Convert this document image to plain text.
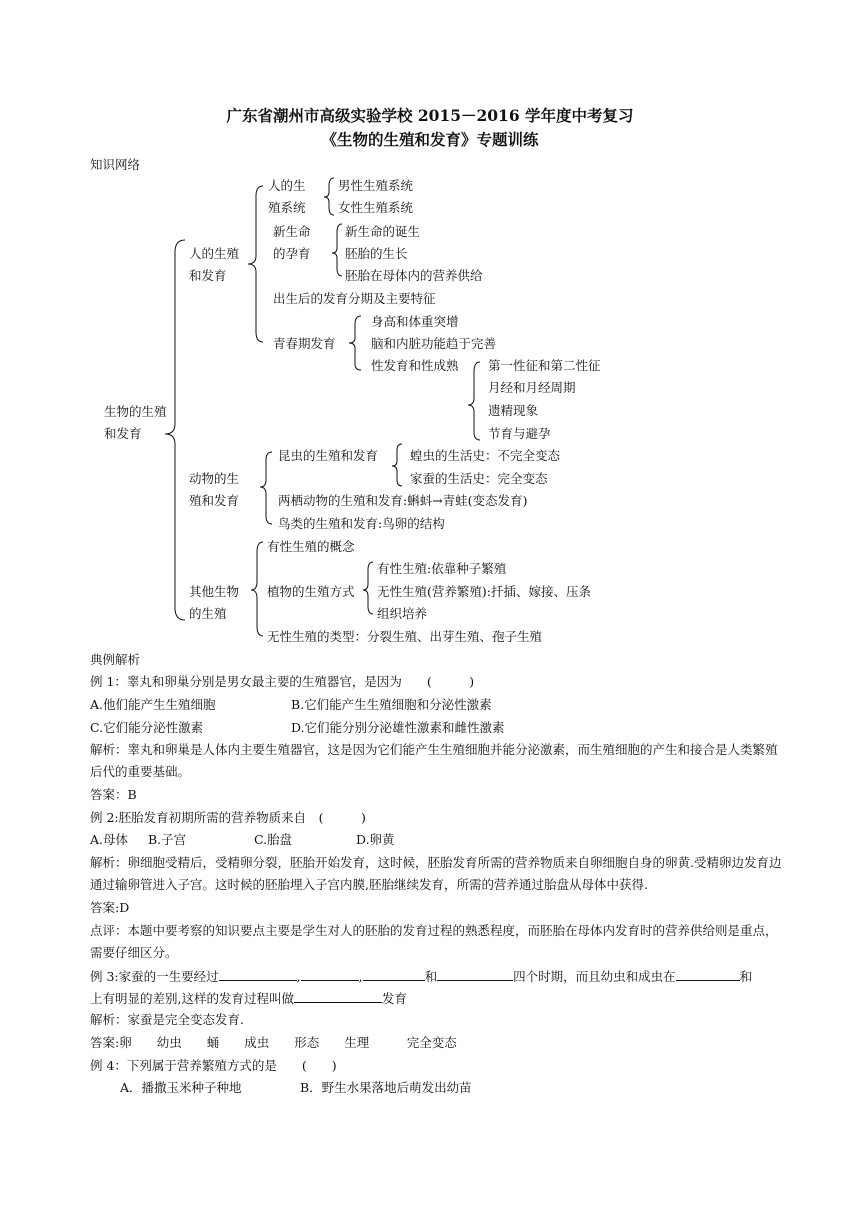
广东省潮州市高级实验学校 2015－2016 学年度中考复习
《生物的生殖和发育》专题训练
知识网络
生物的生殖
和发育
人的生殖
和发育
人的生
殖系统
男性生殖系统
女性生殖系统
新生命
的孕育
新生命的诞生
胚胎的生长
胚胎在母体内的营养供给
出生后的发育分期及主要特征
青春期发育
身高和体重突增
脑和内脏功能趋于完善
性发育和性成熟 第一性征和第二性征
月经和月经周期
遗精现象
节育与避孕
动物的生
殖和发育
昆虫的生殖和发育	蝗虫的生活史：不完全变态
家蚕的生活史：完全变态
两栖动物的生殖和发育:蝌蚪→青蛙(变态发育)
鸟类的生殖和发育:鸟卵的结构
其他生物
的生殖
有性生殖的概念
植物的生殖方式
有性生殖:依靠种子繁殖
无性生殖(营养繁殖):扦插、嫁接、压条
组织培养
无性生殖的类型：分裂生殖、出芽生殖、孢子生殖
典例解析
例 1：睾丸和卵巢分别是男女最主要的生殖器官，是因为　　(　　　)
A.他们能产生生殖细胞	B.它们能产生生殖细胞和分泌性激素
C.它们能分泌性激素	D.它们能分别分泌雄性激素和雌性激素
解析：睾丸和卵巢是人体内主要生殖器官，这是因为它们能产生生殖细胞并能分泌激素，而生殖细胞的产生和接合是人类繁殖后代的重要基础。
答案：B
例 2:胚胎发育初期所需的营养物质来自　(　　　)
A.母体 B.子宫	C.胎盘	D.卵黄
解析：卵细胞受精后，受精卵分裂，胚胎开始发育，这时候，胚胎发育所需的营养物质来自卵细胞自身的卵黄.受精卵边发育边通过输卵管进入子宫。这时候的胚胎埋入子宫内膜,胚胎继续发育，所需的营养通过胎盘从母体中获得.
答案:D
点评：本题中要考察的知识要点主要是学生对人的胚胎的发育过程的熟悉程度，而胚胎在母体内发育时的营养供给则是重点，需要仔细区分。
例 3:家蚕的一生要经过	,	,	和	四个时期，而且幼虫和成虫在	和
上有明显的差别,这样的发育过程叫做	发育
解析：家蚕是完全变态发育.
答案:卵　　幼虫　　蛹　　成虫　　形态　　生理　　　完全变态
例 4：下列属于营养繁殖方式的是　　(　　)
A．播撒玉米种子种地	B．野生水果落地后萌发出幼苗
